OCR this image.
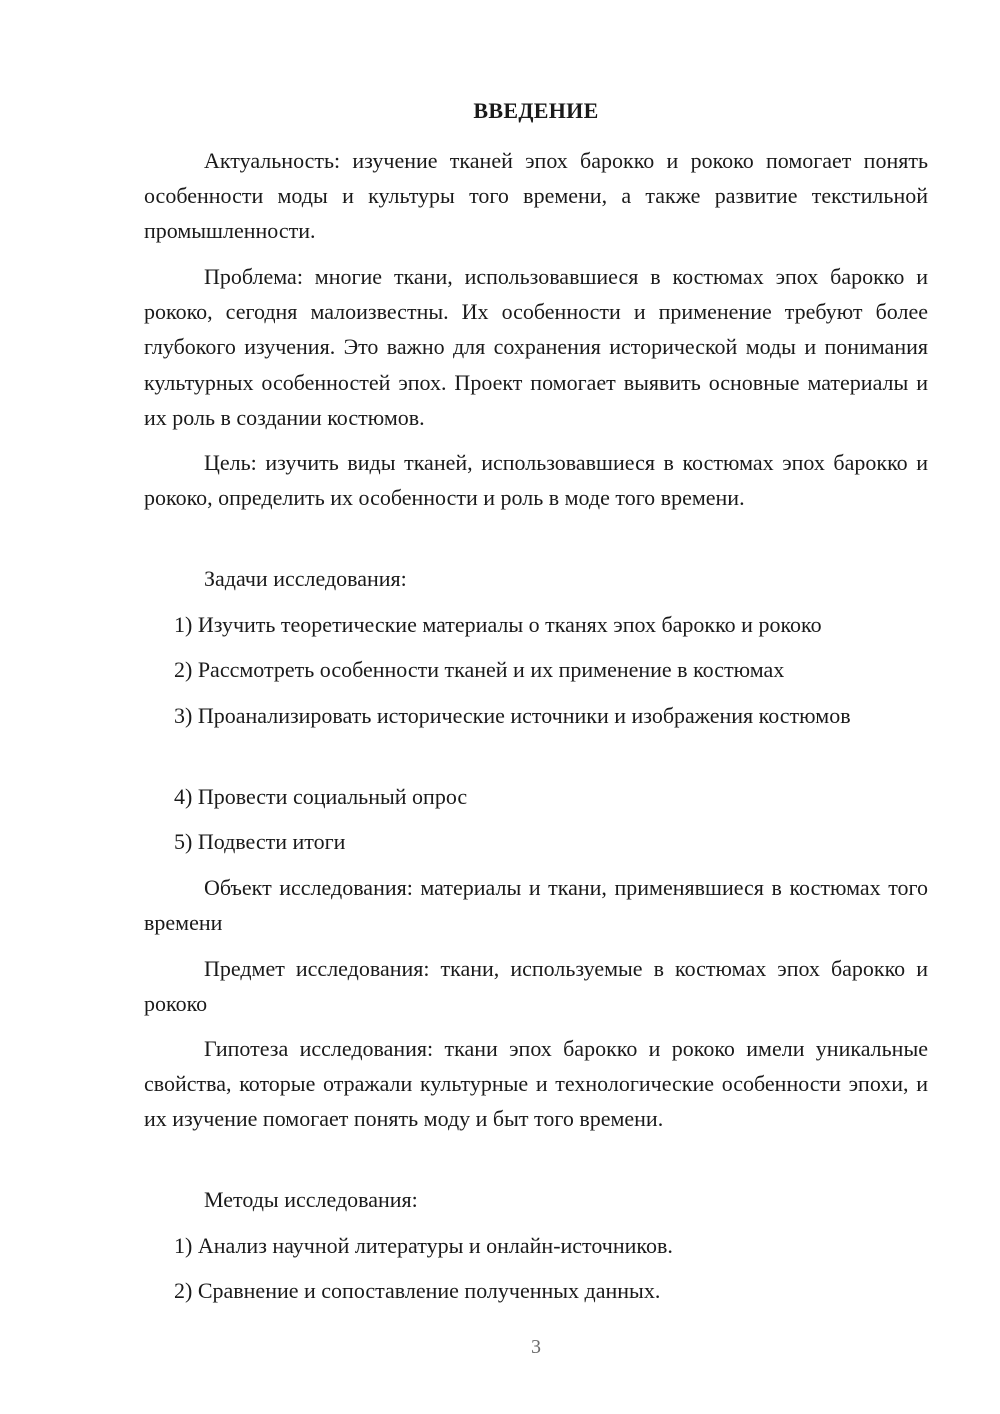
ВВЕДЕНИЕ

Актуальность: изучение тканей эпох барокко и рококо помогает понять особенности моды и культуры того времени, а также развитие текстильной промышленности.

Проблема: многие ткани, использовавшиеся в костюмах эпох барокко и рококо, сегодня малоизвестны. Их особенности и применение требуют более глубокого изучения. Это важно для сохранения исторической моды и понимания культурных особенностей эпох. Проект помогает выявить основные материалы и их роль в создании костюмов.

Цель: изучить виды тканей, использовавшиеся в костюмах эпох барокко и рококо, определить их особенности и роль в моде того времени.

Задачи исследования:

1) Изучить теоретические материалы о тканях эпох барокко и рококо

2) Рассмотреть особенности тканей и их применение в костюмах

3) Проанализировать исторические источники и изображения костюмов

4) Провести социальный опрос

5) Подвести итоги

Объект исследования: материалы и ткани, применявшиеся в костюмах того времени

Предмет исследования: ткани, используемые в костюмах эпох барокко и рококо

Гипотеза исследования: ткани эпох барокко и рококо имели уникальные свойства, которые отражали культурные и технологические особенности эпохи, и их изучение помогает понять моду и быт того времени.

Методы исследования:

1) Анализ научной литературы и онлайн-источников.

2) Сравнение и сопоставление полученных данных.

3
